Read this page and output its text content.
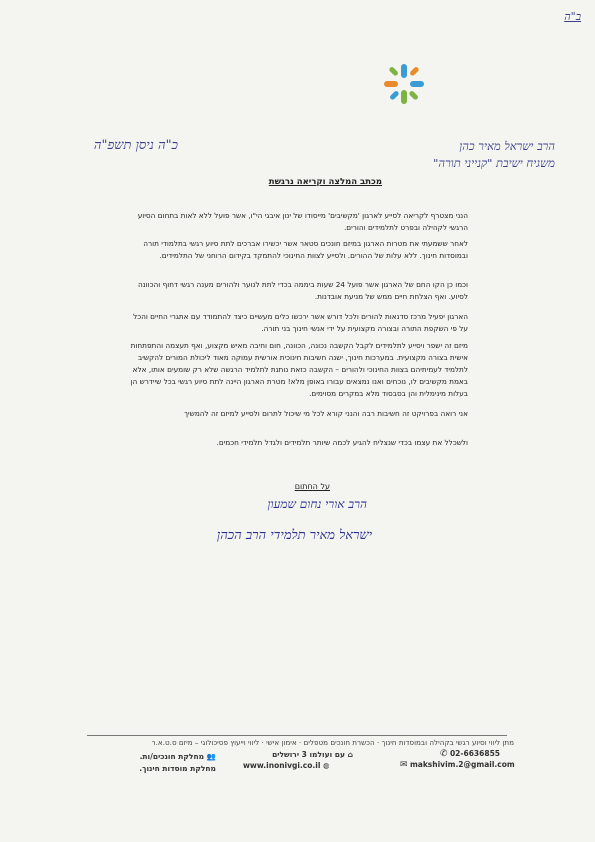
ב"ה
כ"ה ניסן תשפ"ה	הרב ישראל מאיר כהן
משגיח ישיבת "קנייני תורה"
מכתב המלצה וקריאה נרגשת
הנני מצטרף לקריאה לסייע לארגון 'מקשיבים' מייסודו של ינון איבגי הי"ו, אשר פועל ללא לאות בתחום הסיוע הרגשי לקהילה ובפרט לתלמידים והורים.
לאחר ששמעתי את מטרות הארגון במיזם חונכים סטאר אשר יכשירו אברכים לתת סיוע רגשי בתלמודי תורה ובמוסדות חינוך. ללא עלות של ההורים. ולסייע לצוות החינוכי להתמקד בקידום הרוחני של התלמידים.
וכמו כן הקו החם של הארגון אשר פועל 24 שעות ביממה בכדי לתת לנוער ולהורים מענה רגשי דחוף והכוונה לסיוע. ואף הצלחת חיים ממש של מניעת אובדנות.
הארגון יפעיל מרכז סדנאות להורים ולכל דורש אשר ירכשו כלים מעשיים כיצד להתמודד עם אתגרי החיים והכל על פי השקפת התורה ובצורה מקצועית על ידי אנשי חינוך בני תורה.
מיזם זה ישפר ויסייע לתלמידים לקבל הקשבה נכונה, הכוונה, חום וחיבה מאיש מקצוע, ואף תעצמה והתפתחות אישית בצורה מקצועית. במערכות חינוך, ישנה חשיבות חינוכית אורשית עמוקה מאוד ליכולת המורים להקשיב לתלמיד לעמיתיהם בצוות החינוכי ולהורים – הקשבה כזאת נותנת לתלמיד הרגשה שלא רק שומעים אותו, אלא באמת מקשיבים לו, נוכחים ואנו נמצאים עבורו באופן מלא! מטרת הארגון היינה לתת סיוע רגשי בכל שיידרש הן בעלות מינימלית והן בסבסוד מלא במקרים מסוימים.
אני רואה בפרויקט זה חשיבות רבה והנני קורא לכל מי שיכול לתרום ולסייע למיזם זה להמשיך
ולשכלל את עצמו בכדי שנצליח להגיע לכמה שיותר תלמידים ולגדל תלמידי חכמים.
על החתום
הרב אורי נחום שמעון
ישראל מאיר תלמידי הרב הכהן
מתן ליווי וסיוע רגשי בקהילה ובמוסדות חינוך · הכשרת חונכים מטפלים · אימון אישי · ליווי וייעוץ פסיכולוגי – מיזם ס.ט.א.ר
✆ 02-6636855
✉ makshivim.2@gmail.com
⌂ עם ועולמו 3 ירושלים
www.inonivgi.co.il ◍
👥 מחלקת חונכים/ות.
מחלקת מוסדות חינוך.
